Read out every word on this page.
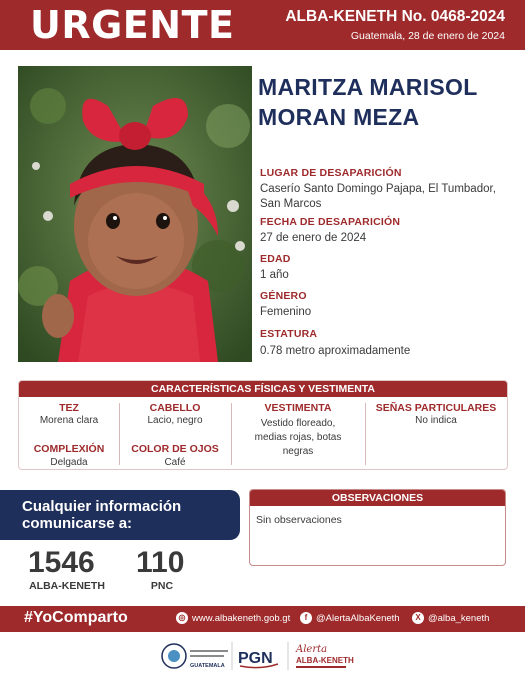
URGENTE	ALBA-KENETH No. 0468-2024
Guatemala, 28 de enero de 2024
MARITZA MARISOL
MORAN MEZA
LUGAR DE DESAPARICIÓN
Caserío Santo Domingo Pajapa, El Tumbador, San Marcos
FECHA DE DESAPARICIÓN
27 de enero de 2024
EDAD
1 año
GÉNERO
Femenino
ESTATURA
0.78 metro aproximadamente
CARACTERÍSTICAS FÍSICAS Y VESTIMENTA
TEZ
Morena clara
CABELLO
Lacio, negro
VESTIMENTA
Vestido floreado,
medias rojas, botas
negras
SEÑAS PARTICULARES
No indica
COMPLEXIÓN
Delgada
COLOR DE OJOS
Café
Cualquier información
comunicarse a:
1546
ALBA-KENETH
110
PNC
OBSERVACIONES
Sin observaciones
#YoComparto	◎ www.albakeneth.gob.gt	f @AlertaAlbaKeneth	X @alba_keneth
GUATEMALA PGN
Alerta
ALBA-KENETH
